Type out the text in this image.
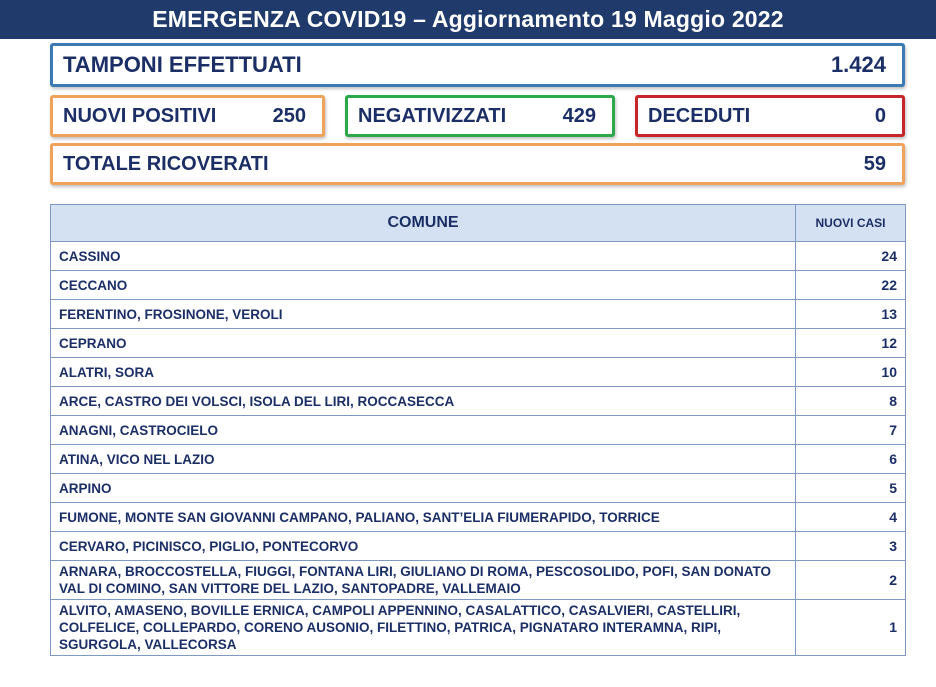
EMERGENZA COVID19 – Aggiornamento 19 Maggio 2022
TAMPONI EFFETTUATI	1.424
NUOVI POSITIVI	250	NEGATIVIZZATI	429	DECEDUTI	0
TOTALE RICOVERATI	59
COMUNE	NUOVI CASI
CASSINO	24
CECCANO	22
FERENTINO, FROSINONE, VEROLI	13
CEPRANO	12
ALATRI, SORA	10
ARCE, CASTRO DEI VOLSCI, ISOLA DEL LIRI, ROCCASECCA	8
ANAGNI, CASTROCIELO	7
ATINA, VICO NEL LAZIO	6
ARPINO	5
FUMONE, MONTE SAN GIOVANNI CAMPANO, PALIANO, SANT’ELIA FIUMERAPIDO, TORRICE	4
CERVARO, PICINISCO, PIGLIO, PONTECORVO	3
ARNARA, BROCCOSTELLA, FIUGGI, FONTANA LIRI, GIULIANO DI ROMA, PESCOSOLIDO, POFI, SAN DONATO VAL DI COMINO, SAN VITTORE DEL LAZIO, SANTOPADRE, VALLEMAIO	2
ALVITO, AMASENO, BOVILLE ERNICA, CAMPOLI APPENNINO, CASALATTICO, CASALVIERI, CASTELLIRI, COLFELICE, COLLEPARDO, CORENO AUSONIO, FILETTINO, PATRICA, PIGNATARO INTERAMNA, RIPI, SGURGOLA, VALLECORSA	1
